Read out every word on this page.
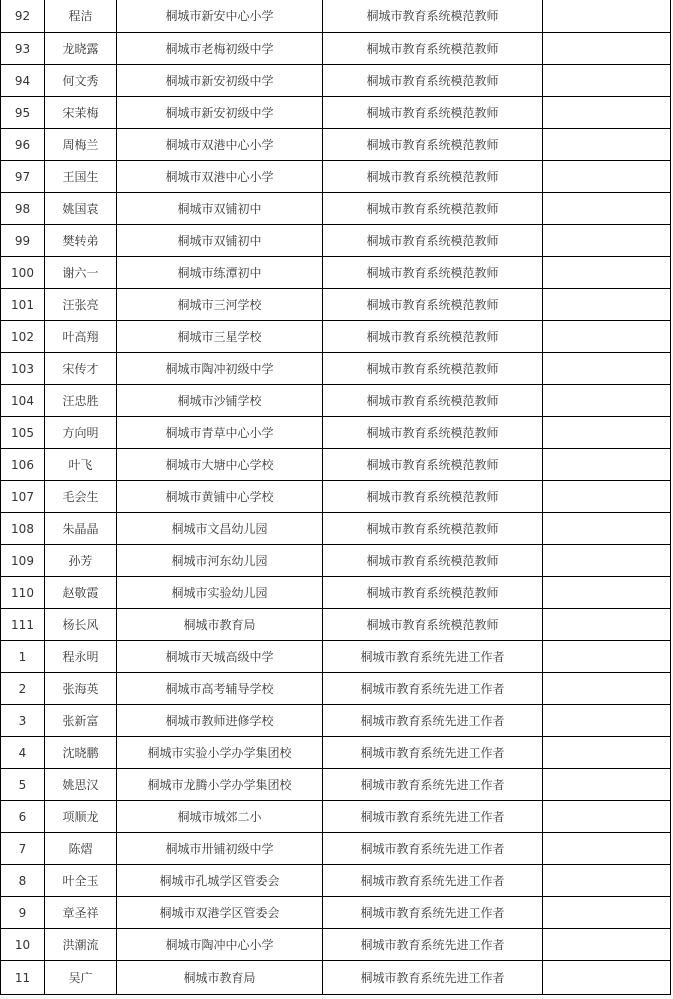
92	程洁	桐城市新安中心小学	桐城市教育系统模范教师	
93	龙晓露	桐城市老梅初级中学	桐城市教育系统模范教师	
94	何文秀	桐城市新安初级中学	桐城市教育系统模范教师	
95	宋茉梅	桐城市新安初级中学	桐城市教育系统模范教师	
96	周梅兰	桐城市双港中心小学	桐城市教育系统模范教师	
97	王国生	桐城市双港中心小学	桐城市教育系统模范教师	
98	姚国袁	桐城市双铺初中	桐城市教育系统模范教师	
99	樊转弟	桐城市双铺初中	桐城市教育系统模范教师	
100	谢六一	桐城市练潭初中	桐城市教育系统模范教师	
101	汪张亮	桐城市三河学校	桐城市教育系统模范教师	
102	叶高翔	桐城市三星学校	桐城市教育系统模范教师	
103	宋传才	桐城市陶冲初级中学	桐城市教育系统模范教师	
104	汪忠胜	桐城市沙铺学校	桐城市教育系统模范教师	
105	方向明	桐城市青草中心小学	桐城市教育系统模范教师	
106	叶飞	桐城市大塘中心学校	桐城市教育系统模范教师	
107	毛会生	桐城市黄铺中心学校	桐城市教育系统模范教师	
108	朱晶晶	桐城市文昌幼儿园	桐城市教育系统模范教师	
109	孙芳	桐城市河东幼儿园	桐城市教育系统模范教师	
110	赵敬霞	桐城市实验幼儿园	桐城市教育系统模范教师	
111	杨长风	桐城市教育局	桐城市教育系统模范教师	
1	程永明	桐城市天城高级中学	桐城市教育系统先进工作者	
2	张海英	桐城市高考辅导学校	桐城市教育系统先进工作者	
3	张新富	桐城市教师进修学校	桐城市教育系统先进工作者	
4	沈晓鹏	桐城市实验小学办学集团校	桐城市教育系统先进工作者	
5	姚思汉	桐城市龙腾小学办学集团校	桐城市教育系统先进工作者	
6	项顺龙	桐城市城郊二小	桐城市教育系统先进工作者	
7	陈熠	桐城市卅铺初级中学	桐城市教育系统先进工作者	
8	叶全玉	桐城市孔城学区管委会	桐城市教育系统先进工作者	
9	章圣祥	桐城市双港学区管委会	桐城市教育系统先进工作者	
10	洪潮流	桐城市陶冲中心小学	桐城市教育系统先进工作者	
11	吴广	桐城市教育局	桐城市教育系统先进工作者	
